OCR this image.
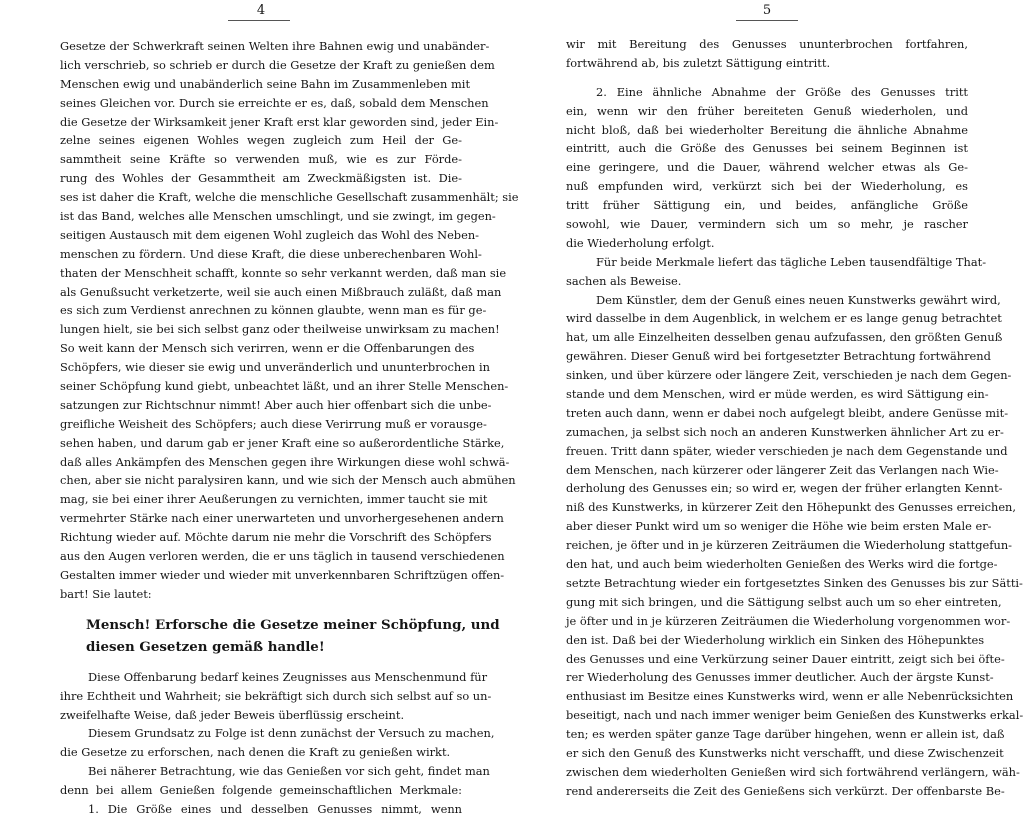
4
Gesetze der Schwerkraft seinen Welten ihre Bahnen ewig und unabänder-
lich verschrieb, so schrieb er durch die Gesetze der Kraft zu genießen dem
Menschen ewig und unabänderlich seine Bahn im Zusammenleben mit
seines Gleichen vor. Durch sie erreichte er es, daß, sobald dem Menschen
die Gesetze der Wirksamkeit jener Kraft erst klar geworden sind, jeder Ein-
zelne seines eigenen Wohles wegen zugleich zum Heil der Ge-
sammtheit seine Kräfte so verwenden muß, wie es zur Förde-
rung des Wohles der Gesammtheit am Zweckmäßigsten ist. Die-
ses ist daher die Kraft, welche die menschliche Gesellschaft zusammenhält; sie
ist das Band, welches alle Menschen umschlingt, und sie zwingt, im gegen-
seitigen Austausch mit dem eigenen Wohl zugleich das Wohl des Neben-
menschen zu fördern. Und diese Kraft, die diese unberechenbaren Wohl-
thaten der Menschheit schafft, konnte so sehr verkannt werden, daß man sie
als Genußsucht verketzerte, weil sie auch einen Mißbrauch zuläßt, daß man
es sich zum Verdienst anrechnen zu können glaubte, wenn man es für ge-
lungen hielt, sie bei sich selbst ganz oder theilweise unwirksam zu machen!
So weit kann der Mensch sich verirren, wenn er die Offenbarungen des
Schöpfers, wie dieser sie ewig und unveränderlich und ununterbrochen in
seiner Schöpfung kund giebt, unbeachtet läßt, und an ihrer Stelle Menschen-
satzungen zur Richtschnur nimmt! Aber auch hier offenbart sich die unbe-
greifliche Weisheit des Schöpfers; auch diese Verirrung muß er vorausge-
sehen haben, und darum gab er jener Kraft eine so außerordentliche Stärke,
daß alles Ankämpfen des Menschen gegen ihre Wirkungen diese wohl schwä-
chen, aber sie nicht paralysiren kann, und wie sich der Mensch auch abmühen
mag, sie bei einer ihrer Aeußerungen zu vernichten, immer taucht sie mit
vermehrter Stärke nach einer unerwarteten und unvorhergesehenen andern
Richtung wieder auf. Möchte darum nie mehr die Vorschrift des Schöpfers
aus den Augen verloren werden, die er uns täglich in tausend verschiedenen
Gestalten immer wieder und wieder mit unverkennbaren Schriftzügen offen-
bart! Sie lautet:
Mensch! Erforsche die Gesetze meiner Schöpfung, und
diesen Gesetzen gemäß handle!
Diese Offenbarung bedarf keines Zeugnisses aus Menschenmund für
ihre Echtheit und Wahrheit; sie bekräftigt sich durch sich selbst auf so un-
zweifelhafte Weise, daß jeder Beweis überflüssig erscheint.
Diesem Grundsatz zu Folge ist denn zunächst der Versuch zu machen,
die Gesetze zu erforschen, nach denen die Kraft zu genießen wirkt.
Bei näherer Betrachtung, wie das Genießen vor sich geht, findet man
denn bei allem Genießen folgende gemeinschaftlichen Merkmale:
1. Die Größe eines und desselben Genusses nimmt, wenn
5
wir mit Bereitung des Genusses ununterbrochen fortfahren,
fortwährend ab, bis zuletzt Sättigung eintritt.
2. Eine ähnliche Abnahme der Größe des Genusses tritt
ein, wenn wir den früher bereiteten Genuß wiederholen, und
nicht bloß, daß bei wiederholter Bereitung die ähnliche Abnahme
eintritt, auch die Größe des Genusses bei seinem Beginnen ist
eine geringere, und die Dauer, während welcher etwas als Ge-
nuß empfunden wird, verkürzt sich bei der Wiederholung, es
tritt früher Sättigung ein, und beides, anfängliche Größe
sowohl, wie Dauer, vermindern sich um so mehr, je rascher
die Wiederholung erfolgt.
Für beide Merkmale liefert das tägliche Leben tausendfältige That-
sachen als Beweise.
Dem Künstler, dem der Genuß eines neuen Kunstwerks gewährt wird,
wird dasselbe in dem Augenblick, in welchem er es lange genug betrachtet
hat, um alle Einzelheiten desselben genau aufzufassen, den größten Genuß
gewähren. Dieser Genuß wird bei fortgesetzter Betrachtung fortwährend
sinken, und über kürzere oder längere Zeit, verschieden je nach dem Gegen-
stande und dem Menschen, wird er müde werden, es wird Sättigung ein-
treten auch dann, wenn er dabei noch aufgelegt bleibt, andere Genüsse mit-
zumachen, ja selbst sich noch an anderen Kunstwerken ähnlicher Art zu er-
freuen. Tritt dann später, wieder verschieden je nach dem Gegenstande und
dem Menschen, nach kürzerer oder längerer Zeit das Verlangen nach Wie-
derholung des Genusses ein; so wird er, wegen der früher erlangten Kennt-
niß des Kunstwerks, in kürzerer Zeit den Höhepunkt des Genusses erreichen,
aber dieser Punkt wird um so weniger die Höhe wie beim ersten Male er-
reichen, je öfter und in je kürzeren Zeiträumen die Wiederholung stattgefun-
den hat, und auch beim wiederholten Genießen des Werks wird die fortge-
setzte Betrachtung wieder ein fortgesetztes Sinken des Genusses bis zur Sätti-
gung mit sich bringen, und die Sättigung selbst auch um so eher eintreten,
je öfter und in je kürzeren Zeiträumen die Wiederholung vorgenommen wor-
den ist. Daß bei der Wiederholung wirklich ein Sinken des Höhepunktes
des Genusses und eine Verkürzung seiner Dauer eintritt, zeigt sich bei öfte-
rer Wiederholung des Genusses immer deutlicher. Auch der ärgste Kunst-
enthusiast im Besitze eines Kunstwerks wird, wenn er alle Nebenrücksichten
beseitigt, nach und nach immer weniger beim Genießen des Kunstwerks erkal-
ten; es werden später ganze Tage darüber hingehen, wenn er allein ist, daß
er sich den Genuß des Kunstwerks nicht verschafft, und diese Zwischenzeit
zwischen dem wiederholten Genießen wird sich fortwährend verlängern, wäh-
rend andererseits die Zeit des Genießens sich verkürzt. Der offenbarste Be-
